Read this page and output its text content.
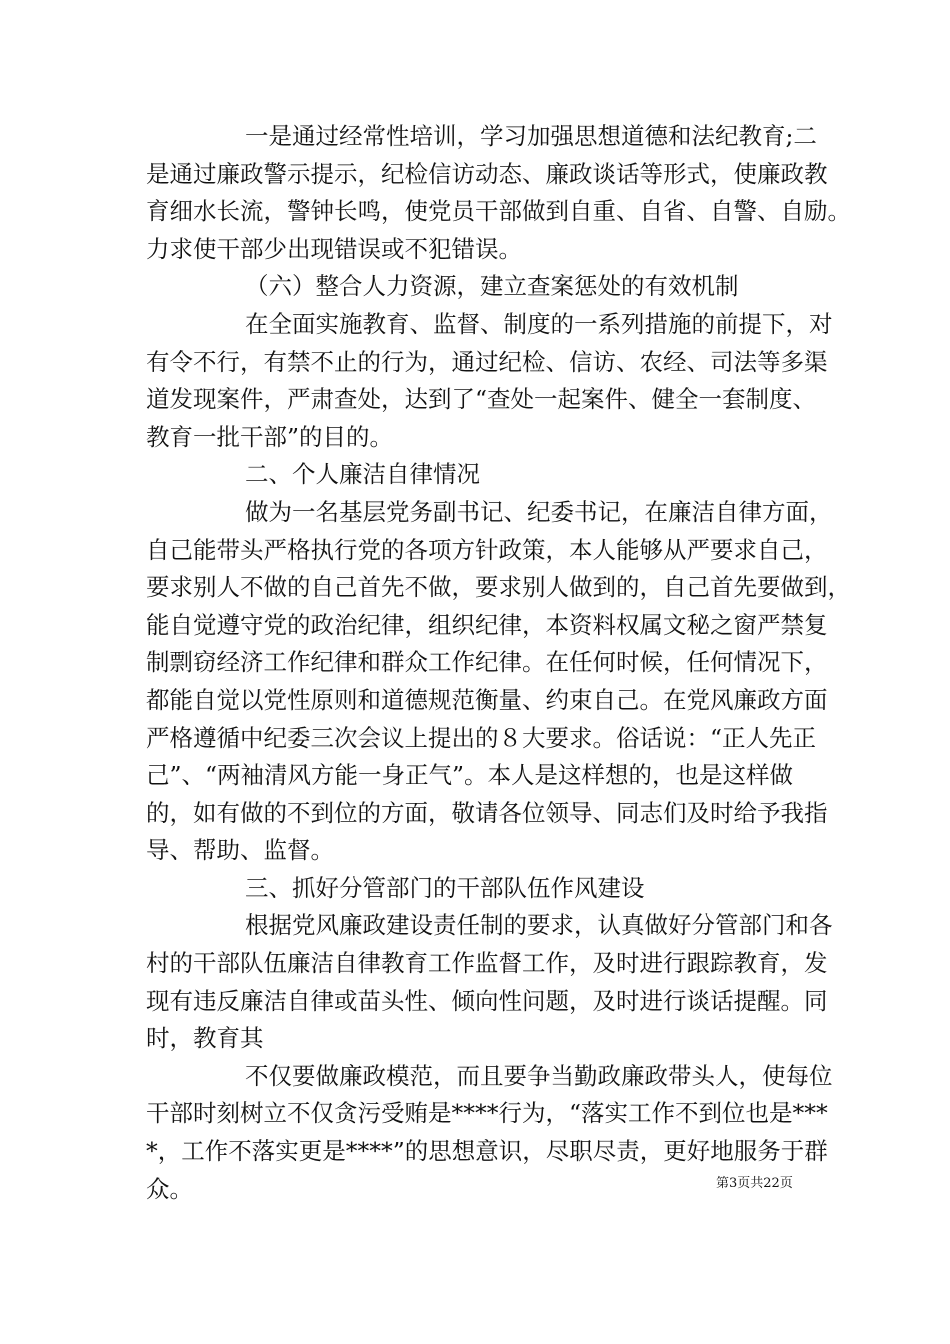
一是通过经常性培训，学习加强思想道德和法纪教育;二
是通过廉政警示提示，纪检信访动态、廉政谈话等形式，使廉政教
育细水长流，警钟长鸣，使党员干部做到自重、自省、自警、自励。
力求使干部少出现错误或不犯错误。
（六）整合人力资源，建立查案惩处的有效机制
在全面实施教育、监督、制度的一系列措施的前提下，对
有令不行，有禁不止的行为，通过纪检、信访、农经、司法等多渠
道发现案件，严肃查处，达到了“查处一起案件、健全一套制度、
教育一批干部”的目的。
二、个人廉洁自律情况
做为一名基层党务副书记、纪委书记，在廉洁自律方面，
自己能带头严格执行党的各项方针政策，本人能够从严要求自己，
要求别人不做的自己首先不做，要求别人做到的，自己首先要做到，
能自觉遵守党的政治纪律，组织纪律，本资料权属文秘之窗严禁复
制剽窃经济工作纪律和群众工作纪律。在任何时候，任何情况下，
都能自觉以党性原则和道德规范衡量、约束自己。在党风廉政方面
严格遵循中纪委三次会议上提出的８大要求。俗话说：“正人先正
己”、“两袖清风方能一身正气”。本人是这样想的，也是这样做
的，如有做的不到位的方面，敬请各位领导、同志们及时给予我指
导、帮助、监督。
三、抓好分管部门的干部队伍作风建设
根据党风廉政建设责任制的要求，认真做好分管部门和各
村的干部队伍廉洁自律教育工作监督工作，及时进行跟踪教育，发
现有违反廉洁自律或苗头性、倾向性问题，及时进行谈话提醒。同
时，教育其
不仅要做廉政模范，而且要争当勤政廉政带头人，使每位
干部时刻树立不仅贪污受贿是****行为，“落实工作不到位也是***
*，工作不落实更是****”的思想意识，尽职尽责，更好地服务于群
众。	第3页共22页
